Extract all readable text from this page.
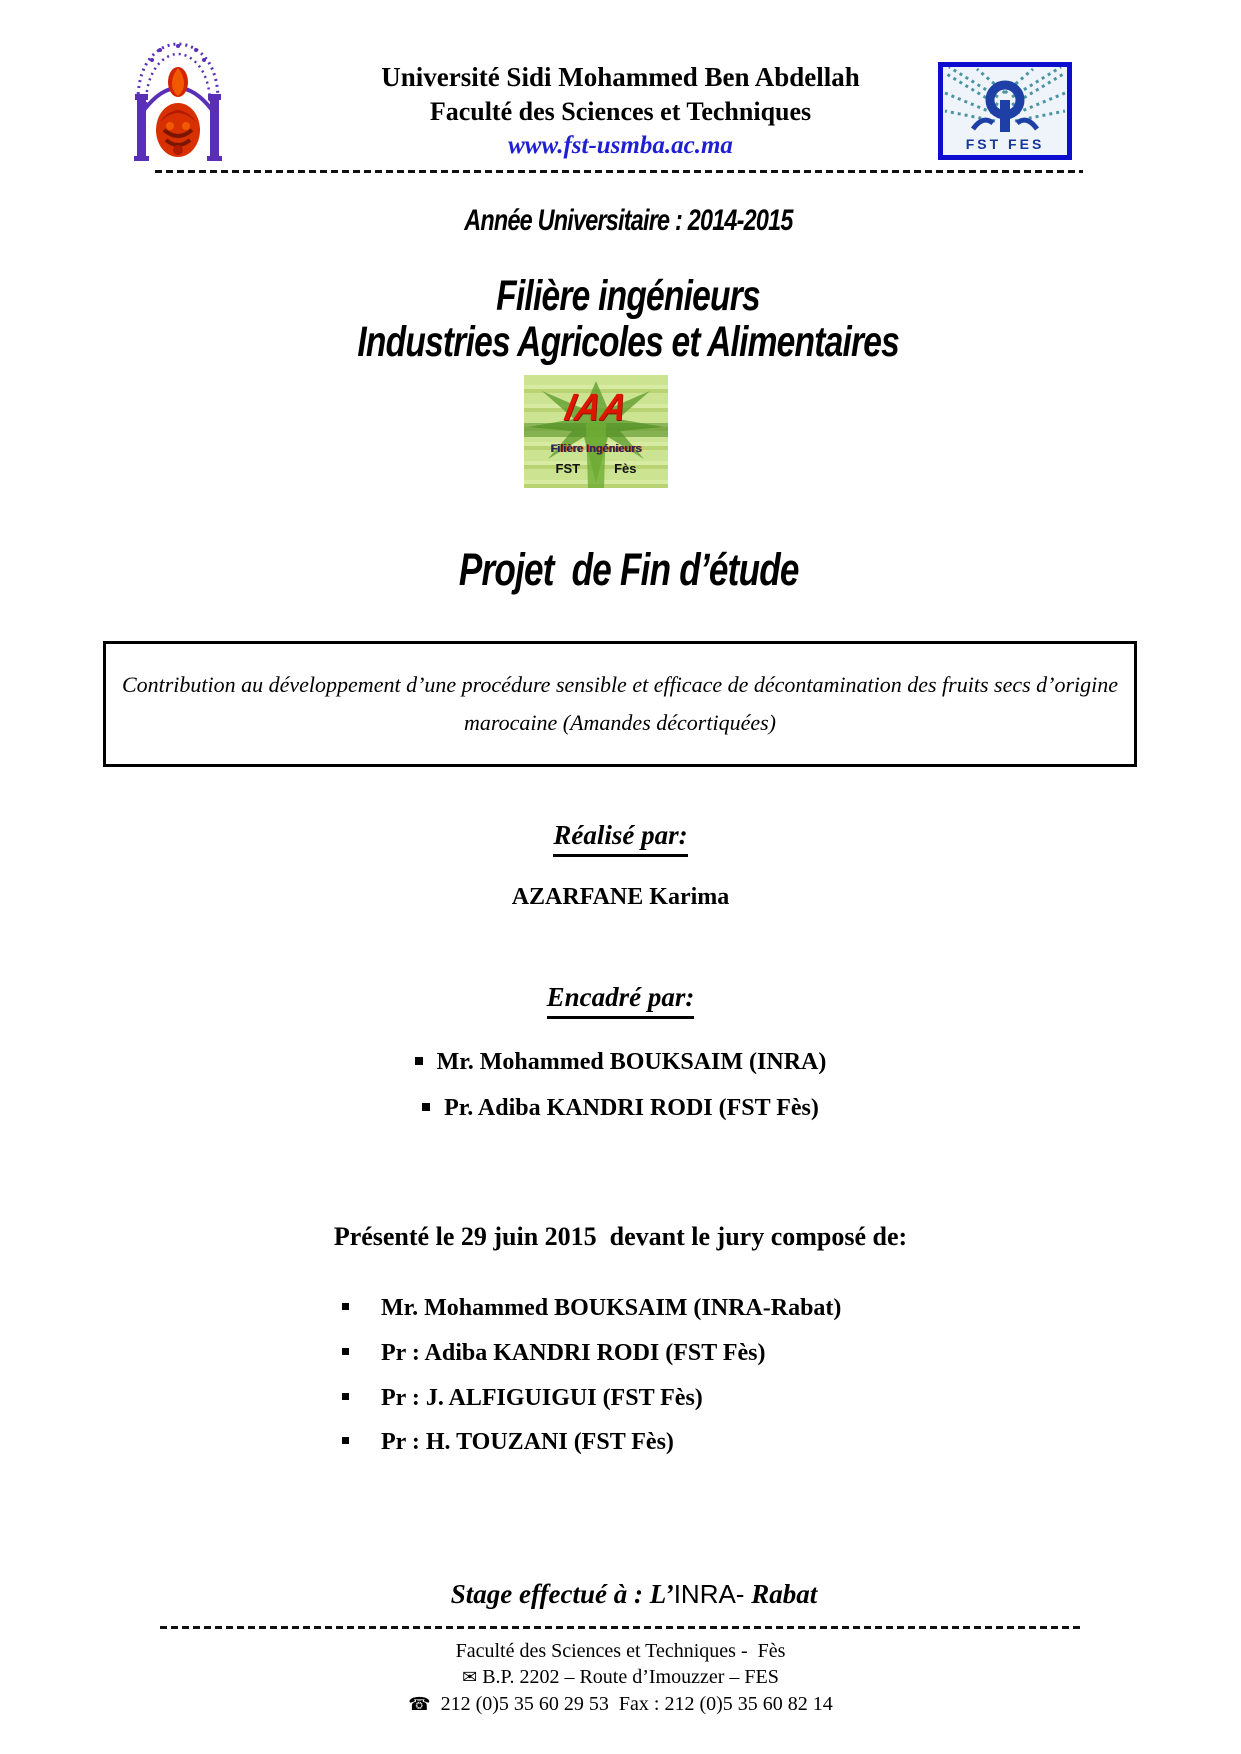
Université Sidi Mohammed Ben Abdellah
Faculté des Sciences et Techniques
www.fst-usmba.ac.ma	FST FES

Année Universitaire : 2014-2015

Filière ingénieurs

Industries Agricoles et Alimentaires

IAA
Filière Ingénieurs
FST	Fès

Projet  de Fin d’étude

Contribution au développement d’une procédure sensible et efficace de décontamination des fruits secs d’origine marocaine (Amandes décortiquées)
Réalisé par:
AZARFANE Karima
Encadré par:
Mr. Mohammed BOUKSAIM (INRA)
Pr. Adiba KANDRI RODI (FST Fès)
Présenté le 29 juin 2015  devant le jury composé de:
Mr. Mohammed BOUKSAIM (INRA-Rabat)
Pr : Adiba KANDRI RODI (FST Fès)
Pr : J. ALFIGUIGUI (FST Fès)
Pr : H. TOUZANI (FST Fès)

Stage effectué à : L’INRA- Rabat

Faculté des Sciences et Techniques -  Fès
✉ B.P. 2202 – Route d’Imouzzer – FES
☎  212 (0)5 35 60 29 53  Fax : 212 (0)5 35 60 82 14
